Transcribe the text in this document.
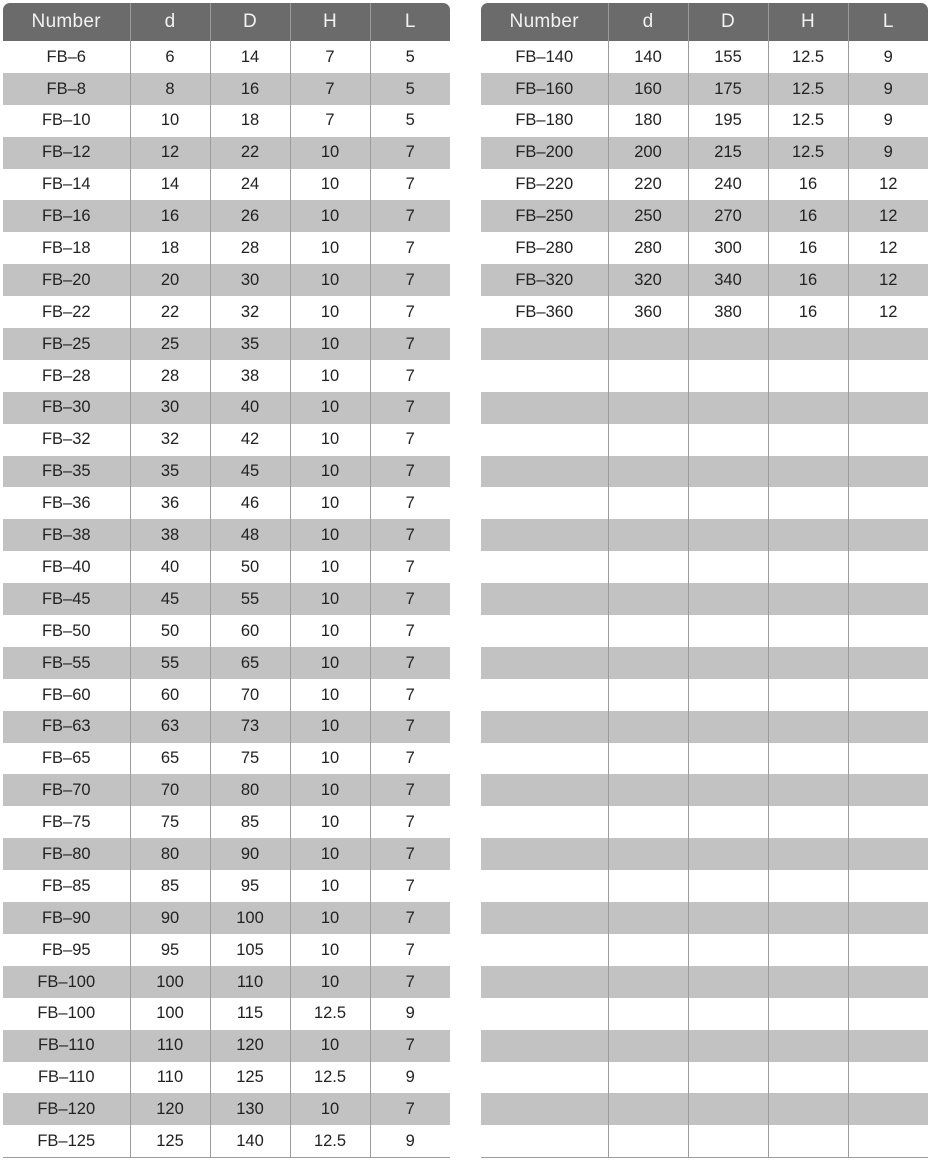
Number	d	D	H	L
FB–6	6	14	7	5
FB–8	8	16	7	5
FB–10	10	18	7	5
FB–12	12	22	10	7
FB–14	14	24	10	7
FB–16	16	26	10	7
FB–18	18	28	10	7
FB–20	20	30	10	7
FB–22	22	32	10	7
FB–25	25	35	10	7
FB–28	28	38	10	7
FB–30	30	40	10	7
FB–32	32	42	10	7
FB–35	35	45	10	7
FB–36	36	46	10	7
FB–38	38	48	10	7
FB–40	40	50	10	7
FB–45	45	55	10	7
FB–50	50	60	10	7
FB–55	55	65	10	7
FB–60	60	70	10	7
FB–63	63	73	10	7
FB–65	65	75	10	7
FB–70	70	80	10	7
FB–75	75	85	10	7
FB–80	80	90	10	7
FB–85	85	95	10	7
FB–90	90	100	10	7
FB–95	95	105	10	7
FB–100	100	110	10	7
FB–100	100	115	12.5	9
FB–110	110	120	10	7
FB–110	110	125	12.5	9
FB–120	120	130	10	7
FB–125	125	140	12.5	9
Number	d	D	H	L
FB–140	140	155	12.5	9
FB–160	160	175	12.5	9
FB–180	180	195	12.5	9
FB–200	200	215	12.5	9
FB–220	220	240	16	12
FB–250	250	270	16	12
FB–280	280	300	16	12
FB–320	320	340	16	12
FB–360	360	380	16	12
